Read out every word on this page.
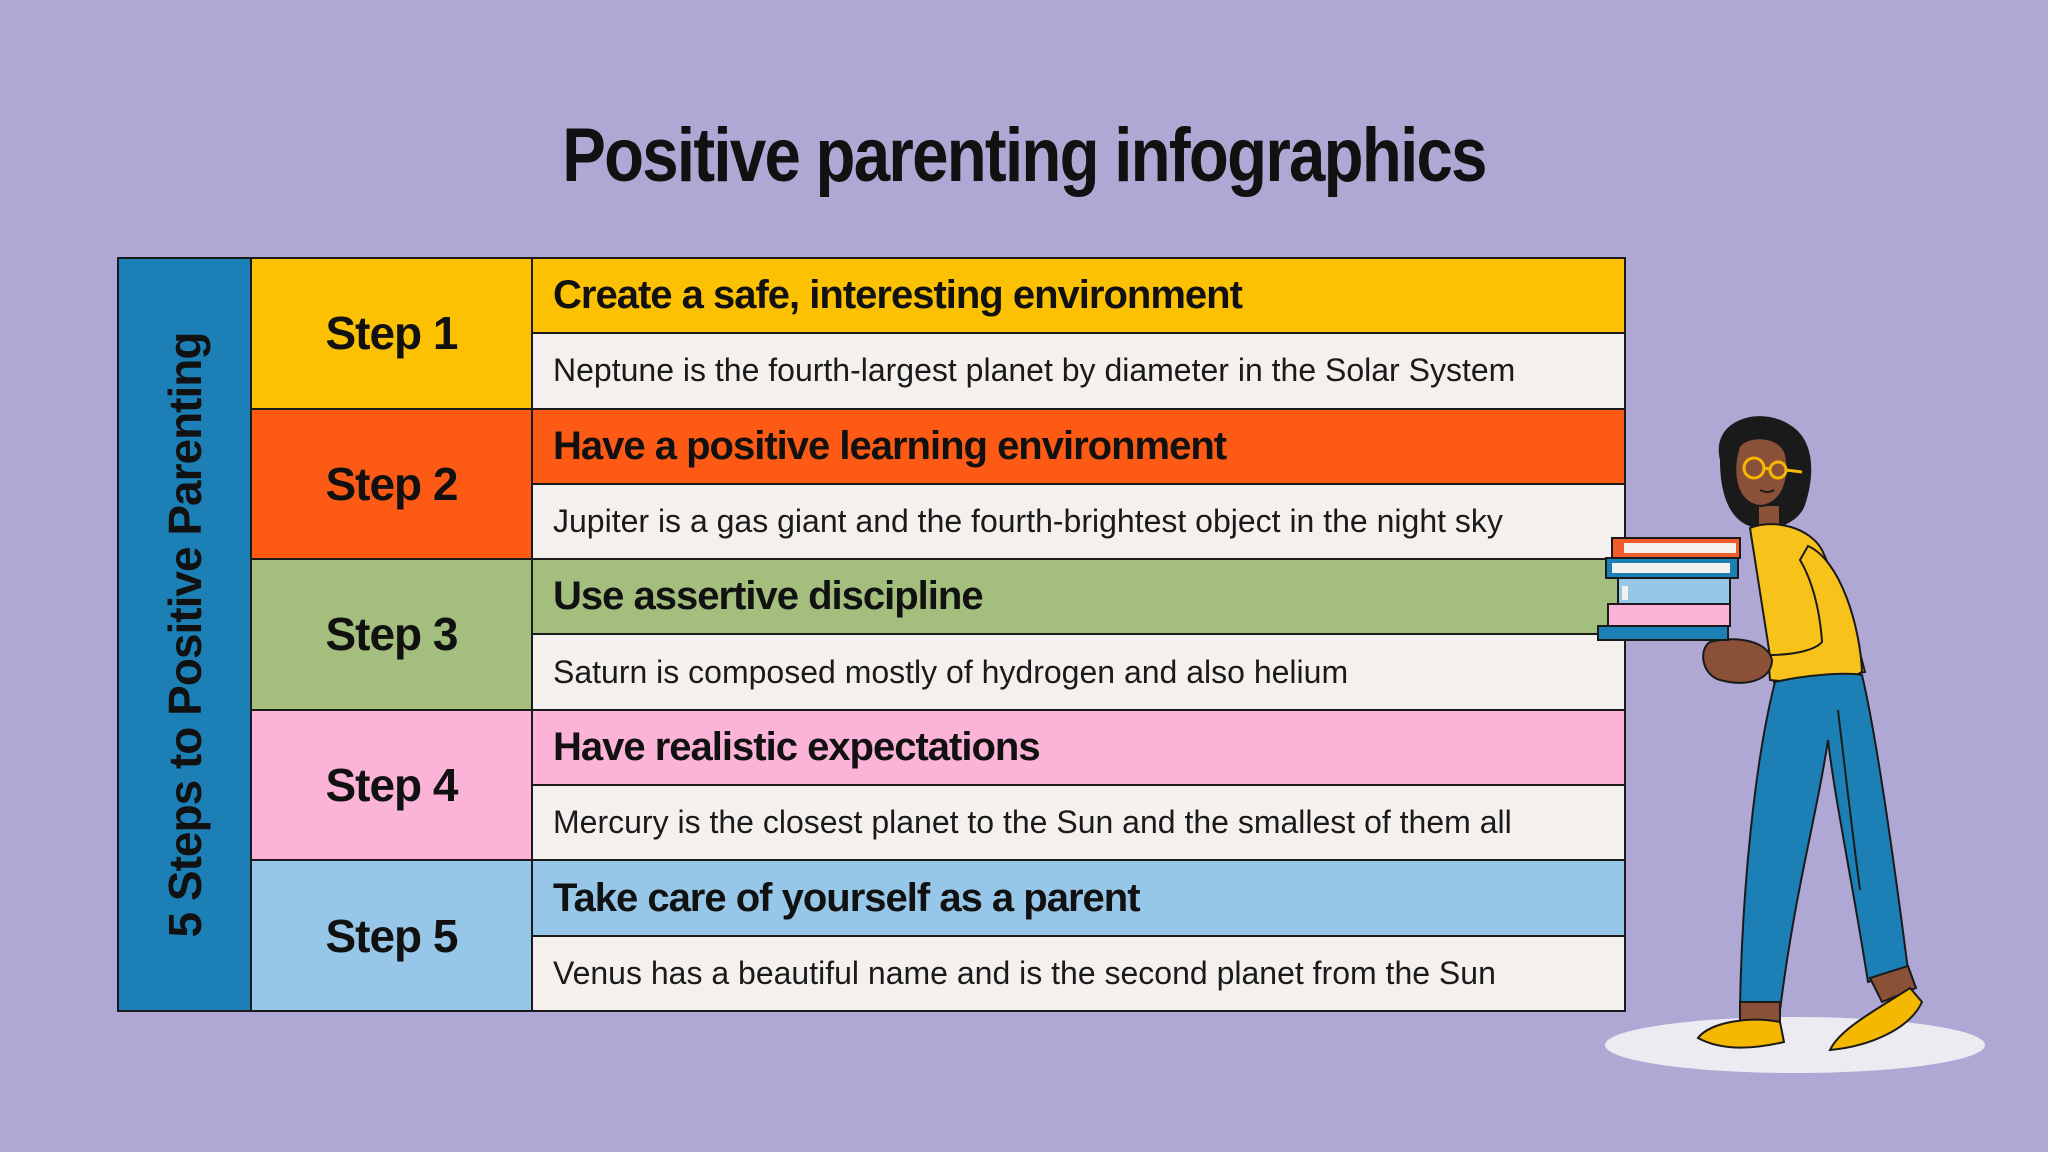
Positive parenting infographics
5 Steps to Positive Parenting	Step 1
Create a safe, interesting environment
Neptune is the fourth-largest planet by diameter in the Solar System
Step 2
Have a positive learning environment
Jupiter is a gas giant and the fourth-brightest object in the night sky
Step 3
Use assertive discipline
Saturn is composed mostly of hydrogen and also helium
Step 4
Have realistic expectations
Mercury is the closest planet to the Sun and the smallest of them all
Step 5
Take care of yourself as a parent
Venus has a beautiful name and is the second planet from the Sun
